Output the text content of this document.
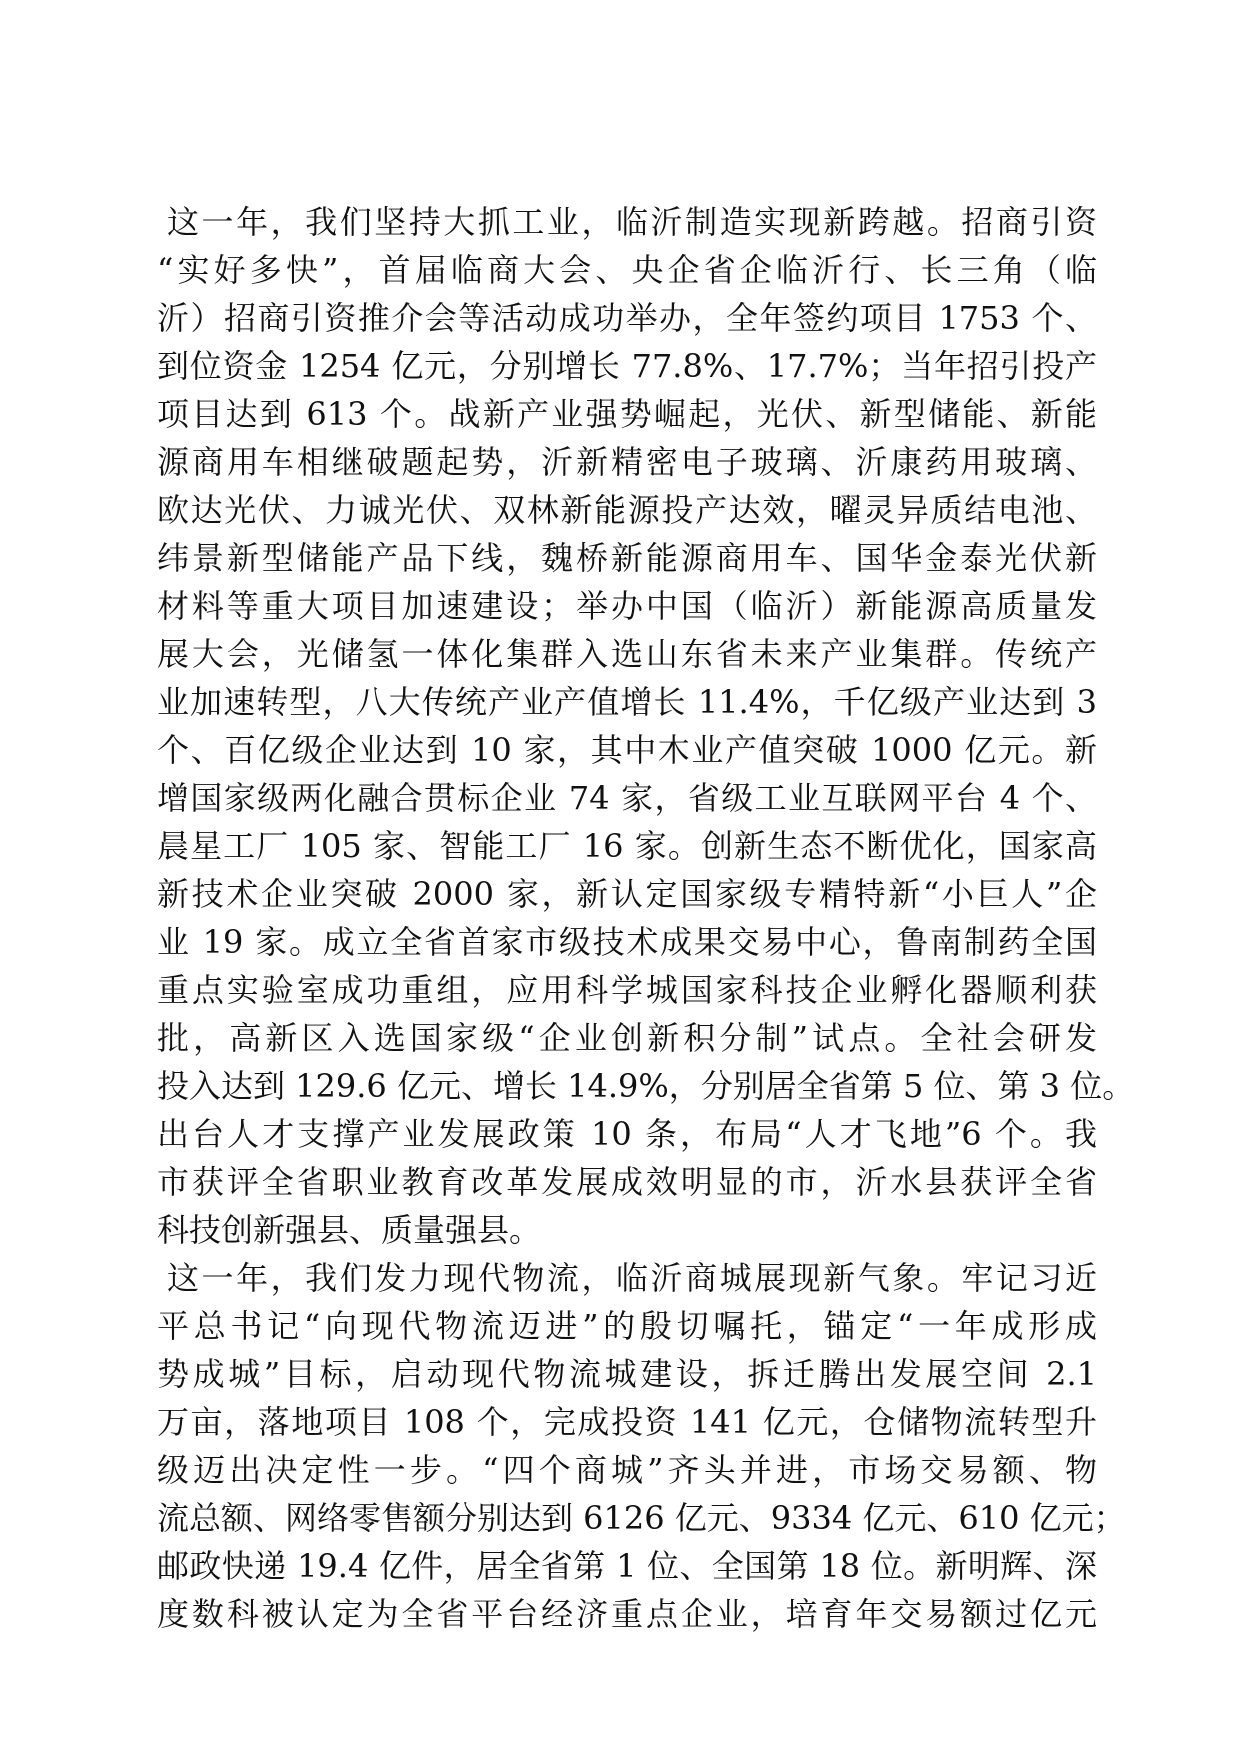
这一年，我们坚持大抓工业，临沂制造实现新跨越。招商引资
“实好多快”，首届临商大会、央企省企临沂行、长三角（临
沂）招商引资推介会等活动成功举办，全年签约项目 1753 个、
到位资金 1254 亿元，分别增长 77.8%、17.7%；当年招引投产
项目达到 613 个。战新产业强势崛起，光伏、新型储能、新能
源商用车相继破题起势，沂新精密电子玻璃、沂康药用玻璃、
欧达光伏、力诚光伏、双林新能源投产达效，曜灵异质结电池、
纬景新型储能产品下线，魏桥新能源商用车、国华金泰光伏新
材料等重大项目加速建设；举办中国（临沂）新能源高质量发
展大会，光储氢一体化集群入选山东省未来产业集群。传统产
业加速转型，八大传统产业产值增长 11.4%，千亿级产业达到 3
个、百亿级企业达到 10 家，其中木业产值突破 1000 亿元。新
增国家级两化融合贯标企业 74 家，省级工业互联网平台 4 个、
晨星工厂 105 家、智能工厂 16 家。创新生态不断优化，国家高
新技术企业突破 2000 家，新认定国家级专精特新“小巨人”企
业 19 家。成立全省首家市级技术成果交易中心，鲁南制药全国
重点实验室成功重组，应用科学城国家科技企业孵化器顺利获
批，高新区入选国家级“企业创新积分制”试点。全社会研发
投入达到 129.6 亿元、增长 14.9%，分别居全省第 5 位、第 3 位。
出台人才支撑产业发展政策 10 条，布局“人才飞地”6 个。我
市获评全省职业教育改革发展成效明显的市，沂水县获评全省
科技创新强县、质量强县。
这一年，我们发力现代物流，临沂商城展现新气象。牢记习近
平总书记“向现代物流迈进”的殷切嘱托，锚定“一年成形成
势成城”目标，启动现代物流城建设，拆迁腾出发展空间 2.1
万亩，落地项目 108 个，完成投资 141 亿元，仓储物流转型升
级迈出决定性一步。“四个商城”齐头并进，市场交易额、物
流总额、网络零售额分别达到 6126 亿元、9334 亿元、610 亿元；
邮政快递 19.4 亿件，居全省第 1 位、全国第 18 位。新明辉、深
度数科被认定为全省平台经济重点企业，培育年交易额过亿元
